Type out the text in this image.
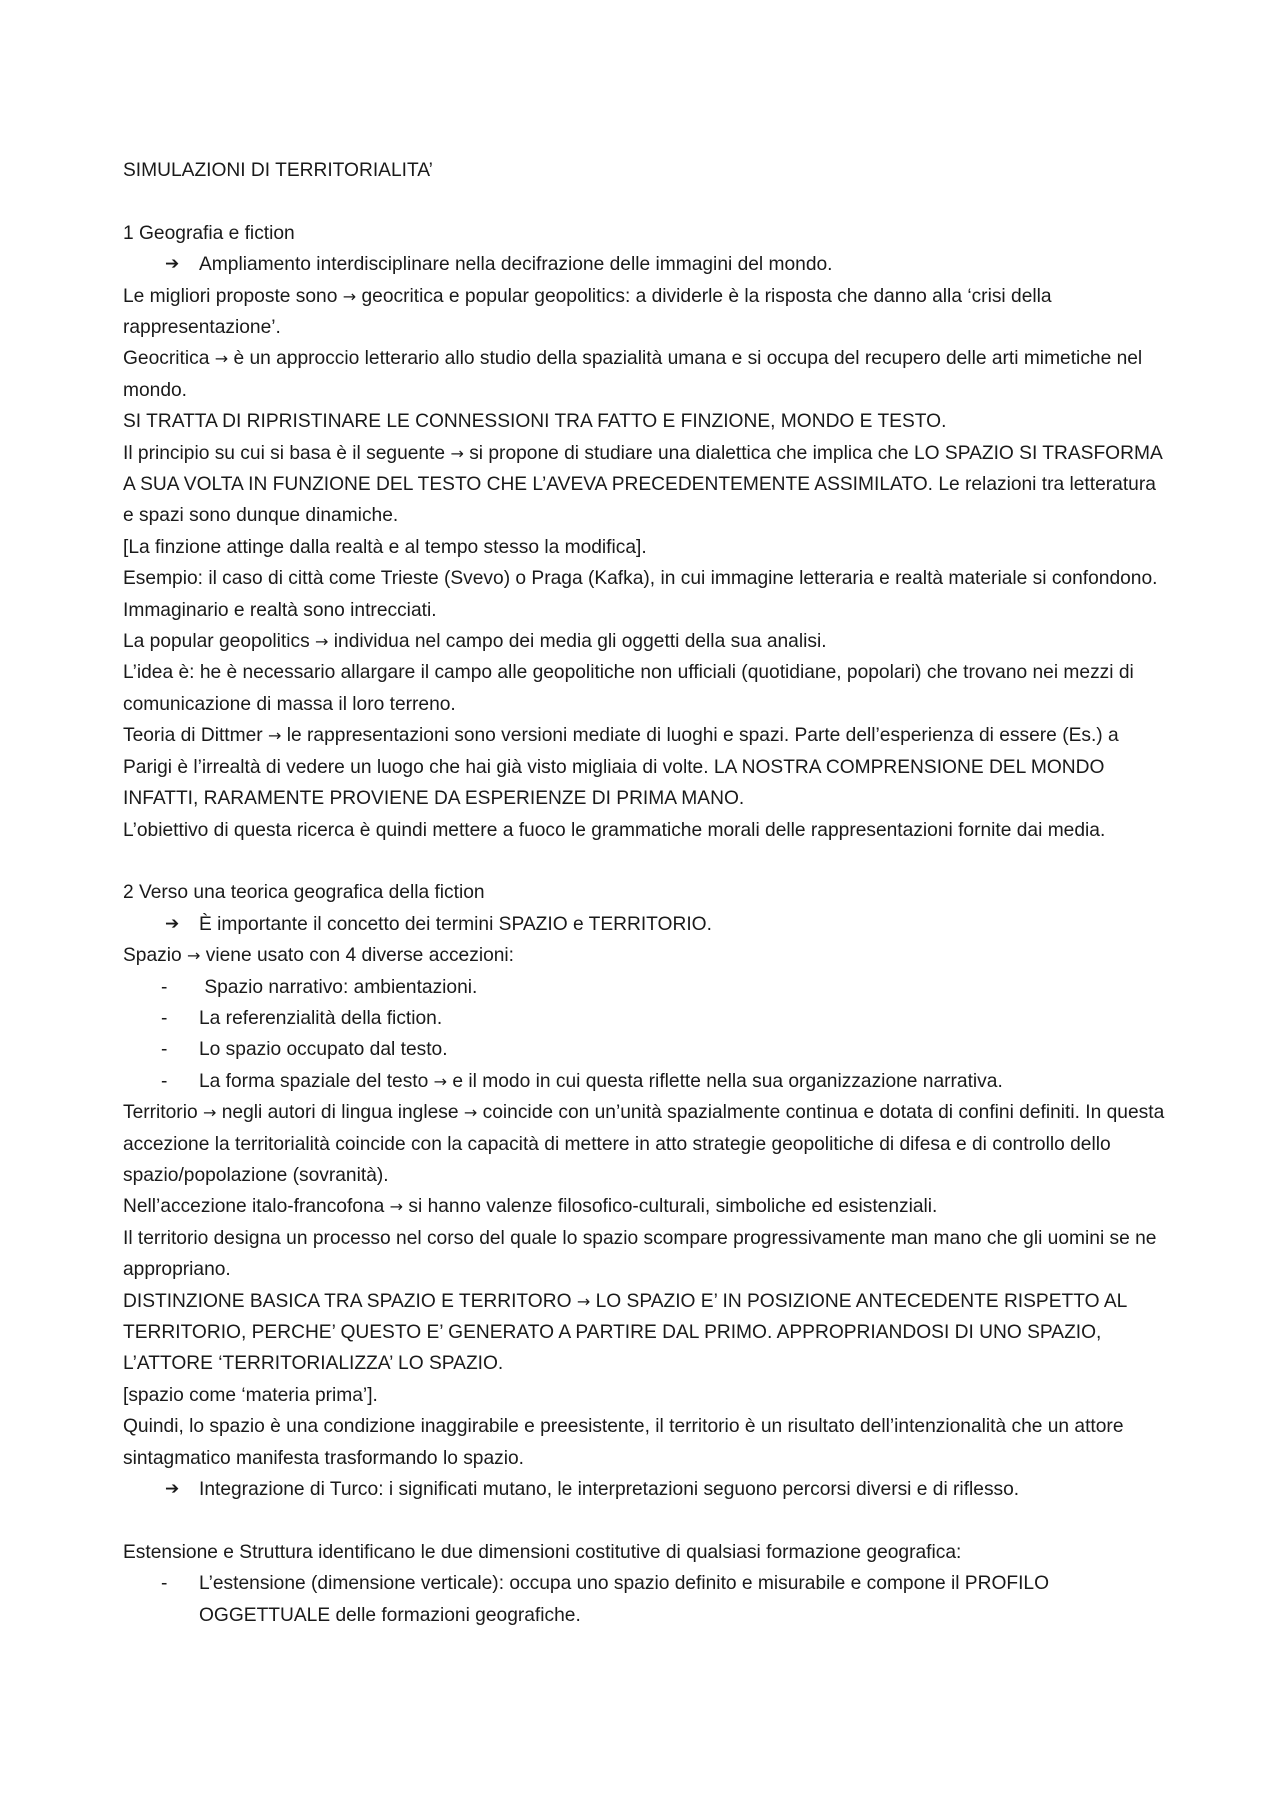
SIMULAZIONI DI TERRITORIALITA’

1 Geografia e fiction

➔ Ampliamento interdisciplinare nella decifrazione delle immagini del mondo.

Le migliori proposte sono → geocritica e popular geopolitics: a dividerle è la risposta che danno alla ‘crisi della rappresentazione’.

Geocritica → è un approccio letterario allo studio della spazialità umana e si occupa del recupero delle arti mimetiche nel mondo.

SI TRATTA DI RIPRISTINARE LE CONNESSIONI TRA FATTO E FINZIONE, MONDO E TESTO.

Il principio su cui si basa è il seguente → si propone di studiare una dialettica che implica che LO SPAZIO SI TRASFORMA A SUA VOLTA IN FUNZIONE DEL TESTO CHE L’AVEVA PRECEDENTEMENTE ASSIMILATO. Le relazioni tra letteratura e spazi sono dunque dinamiche.

[La finzione attinge dalla realtà e al tempo stesso la modifica].

Esempio: il caso di città come Trieste (Svevo) o Praga (Kafka), in cui immagine letteraria e realtà materiale si confondono. Immaginario e realtà sono intrecciati.

La popular geopolitics → individua nel campo dei media gli oggetti della sua analisi.

L’idea è: he è necessario allargare il campo alle geopolitiche non ufficiali (quotidiane, popolari) che trovano nei mezzi di comunicazione di massa il loro terreno.

Teoria di Dittmer → le rappresentazioni sono versioni mediate di luoghi e spazi. Parte dell’esperienza di essere (Es.) a Parigi è l’irrealtà di vedere un luogo che hai già visto migliaia di volte. LA NOSTRA COMPRENSIONE DEL MONDO INFATTI, RARAMENTE PROVIENE DA ESPERIENZE DI PRIMA MANO.

L’obiettivo di questa ricerca è quindi mettere a fuoco le grammatiche morali delle rappresentazioni fornite dai media.

2 Verso una teorica geografica della fiction

➔ È importante il concetto dei termini SPAZIO e TERRITORIO.

Spazio → viene usato con 4 diverse accezioni:

- Spazio narrativo: ambientazioni.

- La referenzialità della fiction.

- Lo spazio occupato dal testo.

- La forma spaziale del testo → e il modo in cui questa riflette nella sua organizzazione narrativa.

Territorio → negli autori di lingua inglese → coincide con un’unità spazialmente continua e dotata di confini definiti. In questa accezione la territorialità coincide con la capacità di mettere in atto strategie geopolitiche di difesa e di controllo dello spazio/popolazione (sovranità).

Nell’accezione italo-francofona → si hanno valenze filosofico-culturali, simboliche ed esistenziali.

Il territorio designa un processo nel corso del quale lo spazio scompare progressivamente man mano che gli uomini se ne appropriano.

DISTINZIONE BASICA TRA SPAZIO E TERRITORO → LO SPAZIO E’ IN POSIZIONE ANTECEDENTE RISPETTO AL TERRITORIO, PERCHE’ QUESTO E’ GENERATO A PARTIRE DAL PRIMO. APPROPRIANDOSI DI UNO SPAZIO, L’ATTORE ‘TERRITORIALIZZA’ LO SPAZIO.

[spazio come ‘materia prima’].

Quindi, lo spazio è una condizione inaggirabile e preesistente, il territorio è un risultato dell’intenzionalità che un attore sintagmatico manifesta trasformando lo spazio.

➔ Integrazione di Turco: i significati mutano, le interpretazioni seguono percorsi diversi e di riflesso.

Estensione e Struttura identificano le due dimensioni costitutive di qualsiasi formazione geografica:

- L’estensione (dimensione verticale): occupa uno spazio definito e misurabile e compone il PROFILO OGGETTUALE delle formazioni geografiche.
